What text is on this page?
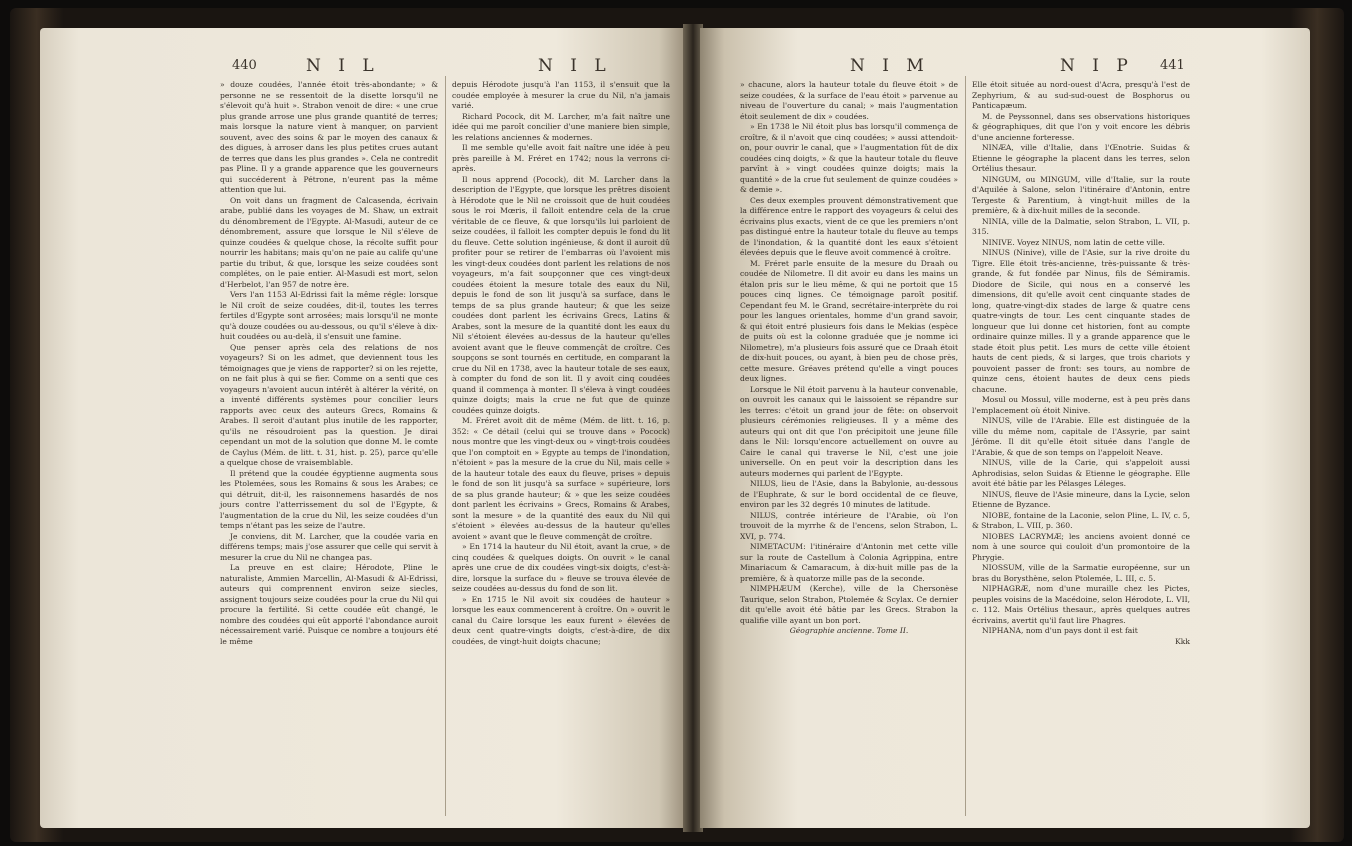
440	N I L	N I L

» douze coudées, l'année étoit très-abondante; » & personne ne se ressentoit de la disette lorsqu'il ne s'élevoit qu'à huit ». Strabon venoit de dire: « une crue plus grande arrose une plus grande quantité de terres; mais lorsque la nature vient à manquer, on parvient souvent, avec des soins & par le moyen des canaux & des digues, à arroser dans les plus petites crues autant de terres que dans les plus grandes ». Cela ne contredit pas Pline. Il y a grande apparence que les gouverneurs qui succéderent à Pétrone, n'eurent pas la même attention que lui.

On voit dans un fragment de Calcasenda, écrivain arabe, publié dans les voyages de M. Shaw, un extrait du dénombrement de l'Egypte. Al-Masudi, auteur de ce dénombrement, assure que lorsque le Nil s'éleve de quinze coudées & quelque chose, la récolte suffit pour nourrir les habitans; mais qu'on ne paie au calife qu'une partie du tribut, & que, lorsque les seize coudées sont complétes, on le paie entier. Al-Masudi est mort, selon d'Herbelot, l'an 957 de notre ère.

Vers l'an 1153 Al-Edrissi fait la même régle: lorsque le Nil croît de seize coudées, dit-il, toutes les terres fertiles d'Egypte sont arrosées; mais lorsqu'il ne monte qu'à douze coudées ou au-dessous, ou qu'il s'éleve à dix-huit coudées ou au-delà, il s'ensuit une famine.

Que penser après cela des relations de nos voyageurs? Si on les admet, que deviennent tous les témoignages que je viens de rapporter? si on les rejette, on ne fait plus à qui se fier. Comme on a senti que ces voyageurs n'avoient aucun intérêt à altérer la vérité, on a inventé différents systèmes pour concilier leurs rapports avec ceux des auteurs Grecs, Romains & Arabes. Il seroit d'autant plus inutile de les rapporter, qu'ils ne résoudroient pas la question. Je dirai cependant un mot de la solution que donne M. le comte de Caylus (Mém. de litt. t. 31, hist. p. 25), parce qu'elle a quelque chose de vraisemblable.

Il prétend que la coudée égyptienne augmenta sous les Ptolemées, sous les Romains & sous les Arabes; ce qui détruit, dit-il, les raisonnemens hasardés de nos jours contre l'atterrissement du sol de l'Egypte, & l'augmentation de la crue du Nil, les seize coudées d'un temps n'étant pas les seize de l'autre.

Je conviens, dit M. Larcher, que la coudée varia en différens temps; mais j'ose assurer que celle qui servit à mesurer la crue du Nil ne changea pas.

La preuve en est claire; Hérodote, Pline le naturaliste, Ammien Marcellin, Al-Masudi & Al-Edrissi, auteurs qui comprennent environ seize siecles, assignent toujours seize coudées pour la crue du Nil qui procure la fertilité. Si cette coudée eût changé, le nombre des coudées qui eût apporté l'abondance auroit nécessairement varié. Puisque ce nombre a toujours été le même

depuis Hérodote jusqu'à l'an 1153, il s'ensuit que la coudée employée à mesurer la crue du Nil, n'a jamais varié.

Richard Pocock, dit M. Larcher, m'a fait naître une idée qui me paroît concilier d'une maniere bien simple, les relations anciennes & modernes.

Il me semble qu'elle avoit fait naître une idée à peu près pareille à M. Fréret en 1742; nous la verrons ci-après.

Il nous apprend (Pocock), dit M. Larcher dans la description de l'Egypte, que lorsque les prêtres disoient à Hérodote que le Nil ne croissoit que de huit coudées sous le roi Mœris, il falloit entendre cela de la crue véritable de ce fleuve, & que lorsqu'ils lui parloient de seize coudées, il falloit les compter depuis le fond du lit du fleuve. Cette solution ingénieuse, & dont il auroit dû profiter pour se retirer de l'embarras où l'avoient mis les vingt-deux coudées dont parlent les relations de nos voyageurs, m'a fait soupçonner que ces vingt-deux coudées étoient la mesure totale des eaux du Nil, depuis le fond de son lit jusqu'à sa surface, dans le temps de sa plus grande hauteur; & que les seize coudées dont parlent les écrivains Grecs, Latins & Arabes, sont la mesure de la quantité dont les eaux du Nil s'étoient élevées au-dessus de la hauteur qu'elles avoient avant que le fleuve commençât de croître. Ces soupçons se sont tournés en certitude, en comparant la crue du Nil en 1738, avec la hauteur totale de ses eaux, à compter du fond de son lit. Il y avoit cinq coudées quand il commença à monter. Il s'éleva à vingt coudées quinze doigts; mais la crue ne fut que de quinze coudées quinze doigts.

M. Fréret avoit dit de même (Mém. de litt. t. 16, p. 352: « Ce détail (celui qui se trouve dans » Pocock) nous montre que les vingt-deux ou » vingt-trois coudées que l'on comptoit en » Egypte au temps de l'inondation, n'étoient » pas la mesure de la crue du Nil, mais celle » de la hauteur totale des eaux du fleuve, prises » depuis le fond de son lit jusqu'à sa surface » supérieure, lors de sa plus grande hauteur; & » que les seize coudées dont parlent les écrivains » Grecs, Romains & Arabes, sont la mesure » de la quantité des eaux du Nil qui s'étoient » élevées au-dessus de la hauteur qu'elles avoient » avant que le fleuve commençât de croître.

» En 1714 la hauteur du Nil étoit, avant la crue, » de cinq coudées & quelques doigts. On ouvrit » le canal après une crue de dix coudées vingt-six doigts, c'est-à-dire, lorsque la surface du » fleuve se trouva élevée de seize coudées au-dessus du fond de son lit.

» En 1715 le Nil avoit six coudées de hauteur » lorsque les eaux commencerent à croître. On » ouvrit le canal du Caire lorsque les eaux furent » élevées de deux cent quatre-vingts doigts, c'est-à-dire, de dix coudées, de vingt-huit doigts chacune;

N I M	N I P 441

» chacune, alors la hauteur totale du fleuve étoit » de seize coudées, & la surface de l'eau étoit » parvenue au niveau de l'ouverture du canal; » mais l'augmentation étoit seulement de dix » coudées.

» En 1738 le Nil étoit plus bas lorsqu'il commença de croître, & il n'avoit que cinq coudées; » aussi attendoit-on, pour ouvrir le canal, que » l'augmentation fût de dix coudées cinq doigts, » & que la hauteur totale du fleuve parvînt à » vingt coudées quinze doigts; mais la quantité » de la crue fut seulement de quinze coudées » & demie ».

Ces deux exemples prouvent démonstrativement que la différence entre le rapport des voyageurs & celui des écrivains plus exacts, vient de ce que les premiers n'ont pas distingué entre la hauteur totale du fleuve au temps de l'inondation, & la quantité dont les eaux s'étoient élevées depuis que le fleuve avoit commencé à croître.

M. Fréret parle ensuite de la mesure du Draah ou coudée de Nilometre. Il dit avoir eu dans les mains un étalon pris sur le lieu même, & qui ne portoit que 15 pouces cinq lignes. Ce témoignage paroît positif. Cependant feu M. le Grand, secrétaire-interprète du roi pour les langues orientales, homme d'un grand savoir, & qui étoit entré plusieurs fois dans le Mekias (espèce de puits où est la colonne graduée que je nomme ici Nilometre), m'a plusieurs fois assuré que ce Draah étoit de dix-huit pouces, ou ayant, à bien peu de chose près, cette mesure. Gréaves prétend qu'elle a vingt pouces deux lignes.

Lorsque le Nil étoit parvenu à la hauteur convenable, on ouvroit les canaux qui le laissoient se répandre sur les terres: c'étoit un grand jour de fête: on observoit plusieurs cérémonies religieuses. Il y a même des auteurs qui ont dit que l'on précipitoit une jeune fille dans le Nil: lorsqu'encore actuellement on ouvre au Caire le canal qui traverse le Nil, c'est une joie universelle. On en peut voir la description dans les auteurs modernes qui parlent de l'Egypte.

NILUS, lieu de l'Asie, dans la Babylonie, au-dessous de l'Euphrate, & sur le bord occidental de ce fleuve, environ par les 32 degrés 10 minutes de latitude.

NILUS, contrée intérieure de l'Arabie, où l'on trouvoit de la myrrhe & de l'encens, selon Strabon, L. XVI, p. 774.

NIMETACUM: l'itinéraire d'Antonin met cette ville sur la route de Castellum à Colonia Agrippina, entre Minariacum & Camaracum, à dix-huit mille pas de la première, & à quatorze mille pas de la seconde.

NIMPHÆUM (Kerche), ville de la Chersonèse Taurique, selon Strabon, Ptolemée & Scylax. Ce dernier dit qu'elle avoit été bâtie par les Grecs. Strabon la qualifie ville ayant un bon port.

Géographie ancienne. Tome II.

Elle étoit située au nord-ouest d'Acra, presqu'à l'est de Zephyrium, & au sud-sud-ouest de Bosphorus ou Panticapæum.

M. de Peyssonnel, dans ses observations historiques & géographiques, dit que l'on y voit encore les débris d'une ancienne forteresse.

NINÆA, ville d'Italie, dans l'Œnotrie. Suidas & Etienne le géographe la placent dans les terres, selon Ortélius thesaur.

NINGUM, ou MINGUM, ville d'Italie, sur la route d'Aquilée à Salone, selon l'itinéraire d'Antonin, entre Tergeste & Parentium, à vingt-huit milles de la première, & à dix-huit milles de la seconde.

NINIA, ville de la Dalmatie, selon Strabon, L. VII, p. 315.

NINIVE. Voyez NINUS, nom latin de cette ville.

NINUS (Ninive), ville de l'Asie, sur la rive droite du Tigre. Elle étoit très-ancienne, très-puissante & très-grande, & fut fondée par Ninus, fils de Sémiramis. Diodore de Sicile, qui nous en a conservé les dimensions, dit qu'elle avoit cent cinquante stades de long, quatre-vingt-dix stades de large & quatre cens quatre-vingts de tour. Les cent cinquante stades de longueur que lui donne cet historien, font au compte ordinaire quinze milles. Il y a grande apparence que le stade étoit plus petit. Les murs de cette ville étoient hauts de cent pieds, & si larges, que trois chariots y pouvoient passer de front: ses tours, au nombre de quinze cens, étoient hautes de deux cens pieds chacune.

Mosul ou Mossul, ville moderne, est à peu près dans l'emplacement où étoit Ninive.

NINUS, ville de l'Arabie. Elle est distinguée de la ville du même nom, capitale de l'Assyrie, par saint Jérôme. Il dit qu'elle étoit située dans l'angle de l'Arabie, & que de son temps on l'appeloit Neave.

NINUS, ville de la Carie, qui s'appeloit aussi Aphrodisias, selon Suidas & Etienne le géographe. Elle avoit été bâtie par les Pélasges Léleges.

NINUS, fleuve de l'Asie mineure, dans la Lycie, selon Etienne de Byzance.

NIOBE, fontaine de la Laconie, selon Pline, L. IV, c. 5, & Strabon, L. VIII, p. 360.

NIOBES LACRYMÆ; les anciens avoient donné ce nom à une source qui couloit d'un promontoire de la Phrygie.

NIOSSUM, ville de la Sarmatie européenne, sur un bras du Borysthène, selon Ptolemée, L. III, c. 5.

NIPHAGRÆ, nom d'une muraille chez les Pictes, peuples voisins de la Macédoine, selon Hérodote, L. VII, c. 112. Mais Ortélius thesaur., après quelques autres écrivains, avertit qu'il faut lire Phagres.

NIPHANA, nom d'un pays dont il est fait

Kkk
